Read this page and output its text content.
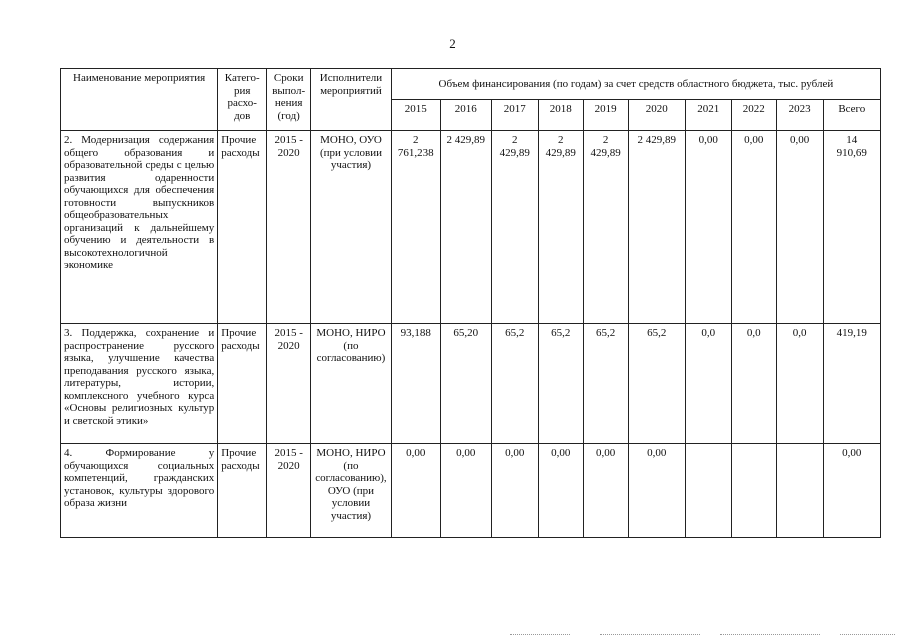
2
Наименование мероприятия	Катего-
рия
расхо-
дов	Сроки
выпол-
нения
(год)	Исполнители
мероприятий	Объем финансирования (по годам) за счет средств областного бюджета, тыс. рублей									
				2015	2016	2017	2018	2019	2020	2021	2022	2023	Всего
2. Модернизация содержания общего образования и образовательной среды с целью развития одаренности обучающихся для обеспечения готовности выпускников общеобразовательных организаций к дальнейшему обучению и деятельности в высокотехнологичной экономике	Прочие расходы	2015 - 2020	МОНО, ОУО (при условии участия)	2
761,238	2 429,89	2
429,89	2
429,89	2
429,89	2 429,89	0,00	0,00	0,00	14
910,69
3. Поддержка, сохранение и распространение русского языка, улучшение качества преподавания русского языка, литературы, истории, комплексного учебного курса «Основы религиозных культур и светской этики»	Прочие расходы	2015 - 2020	МОНО, НИРО (по согласованию)	93,188	65,20	65,2	65,2	65,2	65,2	0,0	0,0	0,0	419,19
4. Формирование у обучающихся социальных компетенций, гражданских установок, культуры здорового образа жизни	Прочие расходы	2015 - 2020	МОНО, НИРО (по согласованию), ОУО (при условии участия)	0,00	0,00	0,00	0,00	0,00	0,00				0,00
